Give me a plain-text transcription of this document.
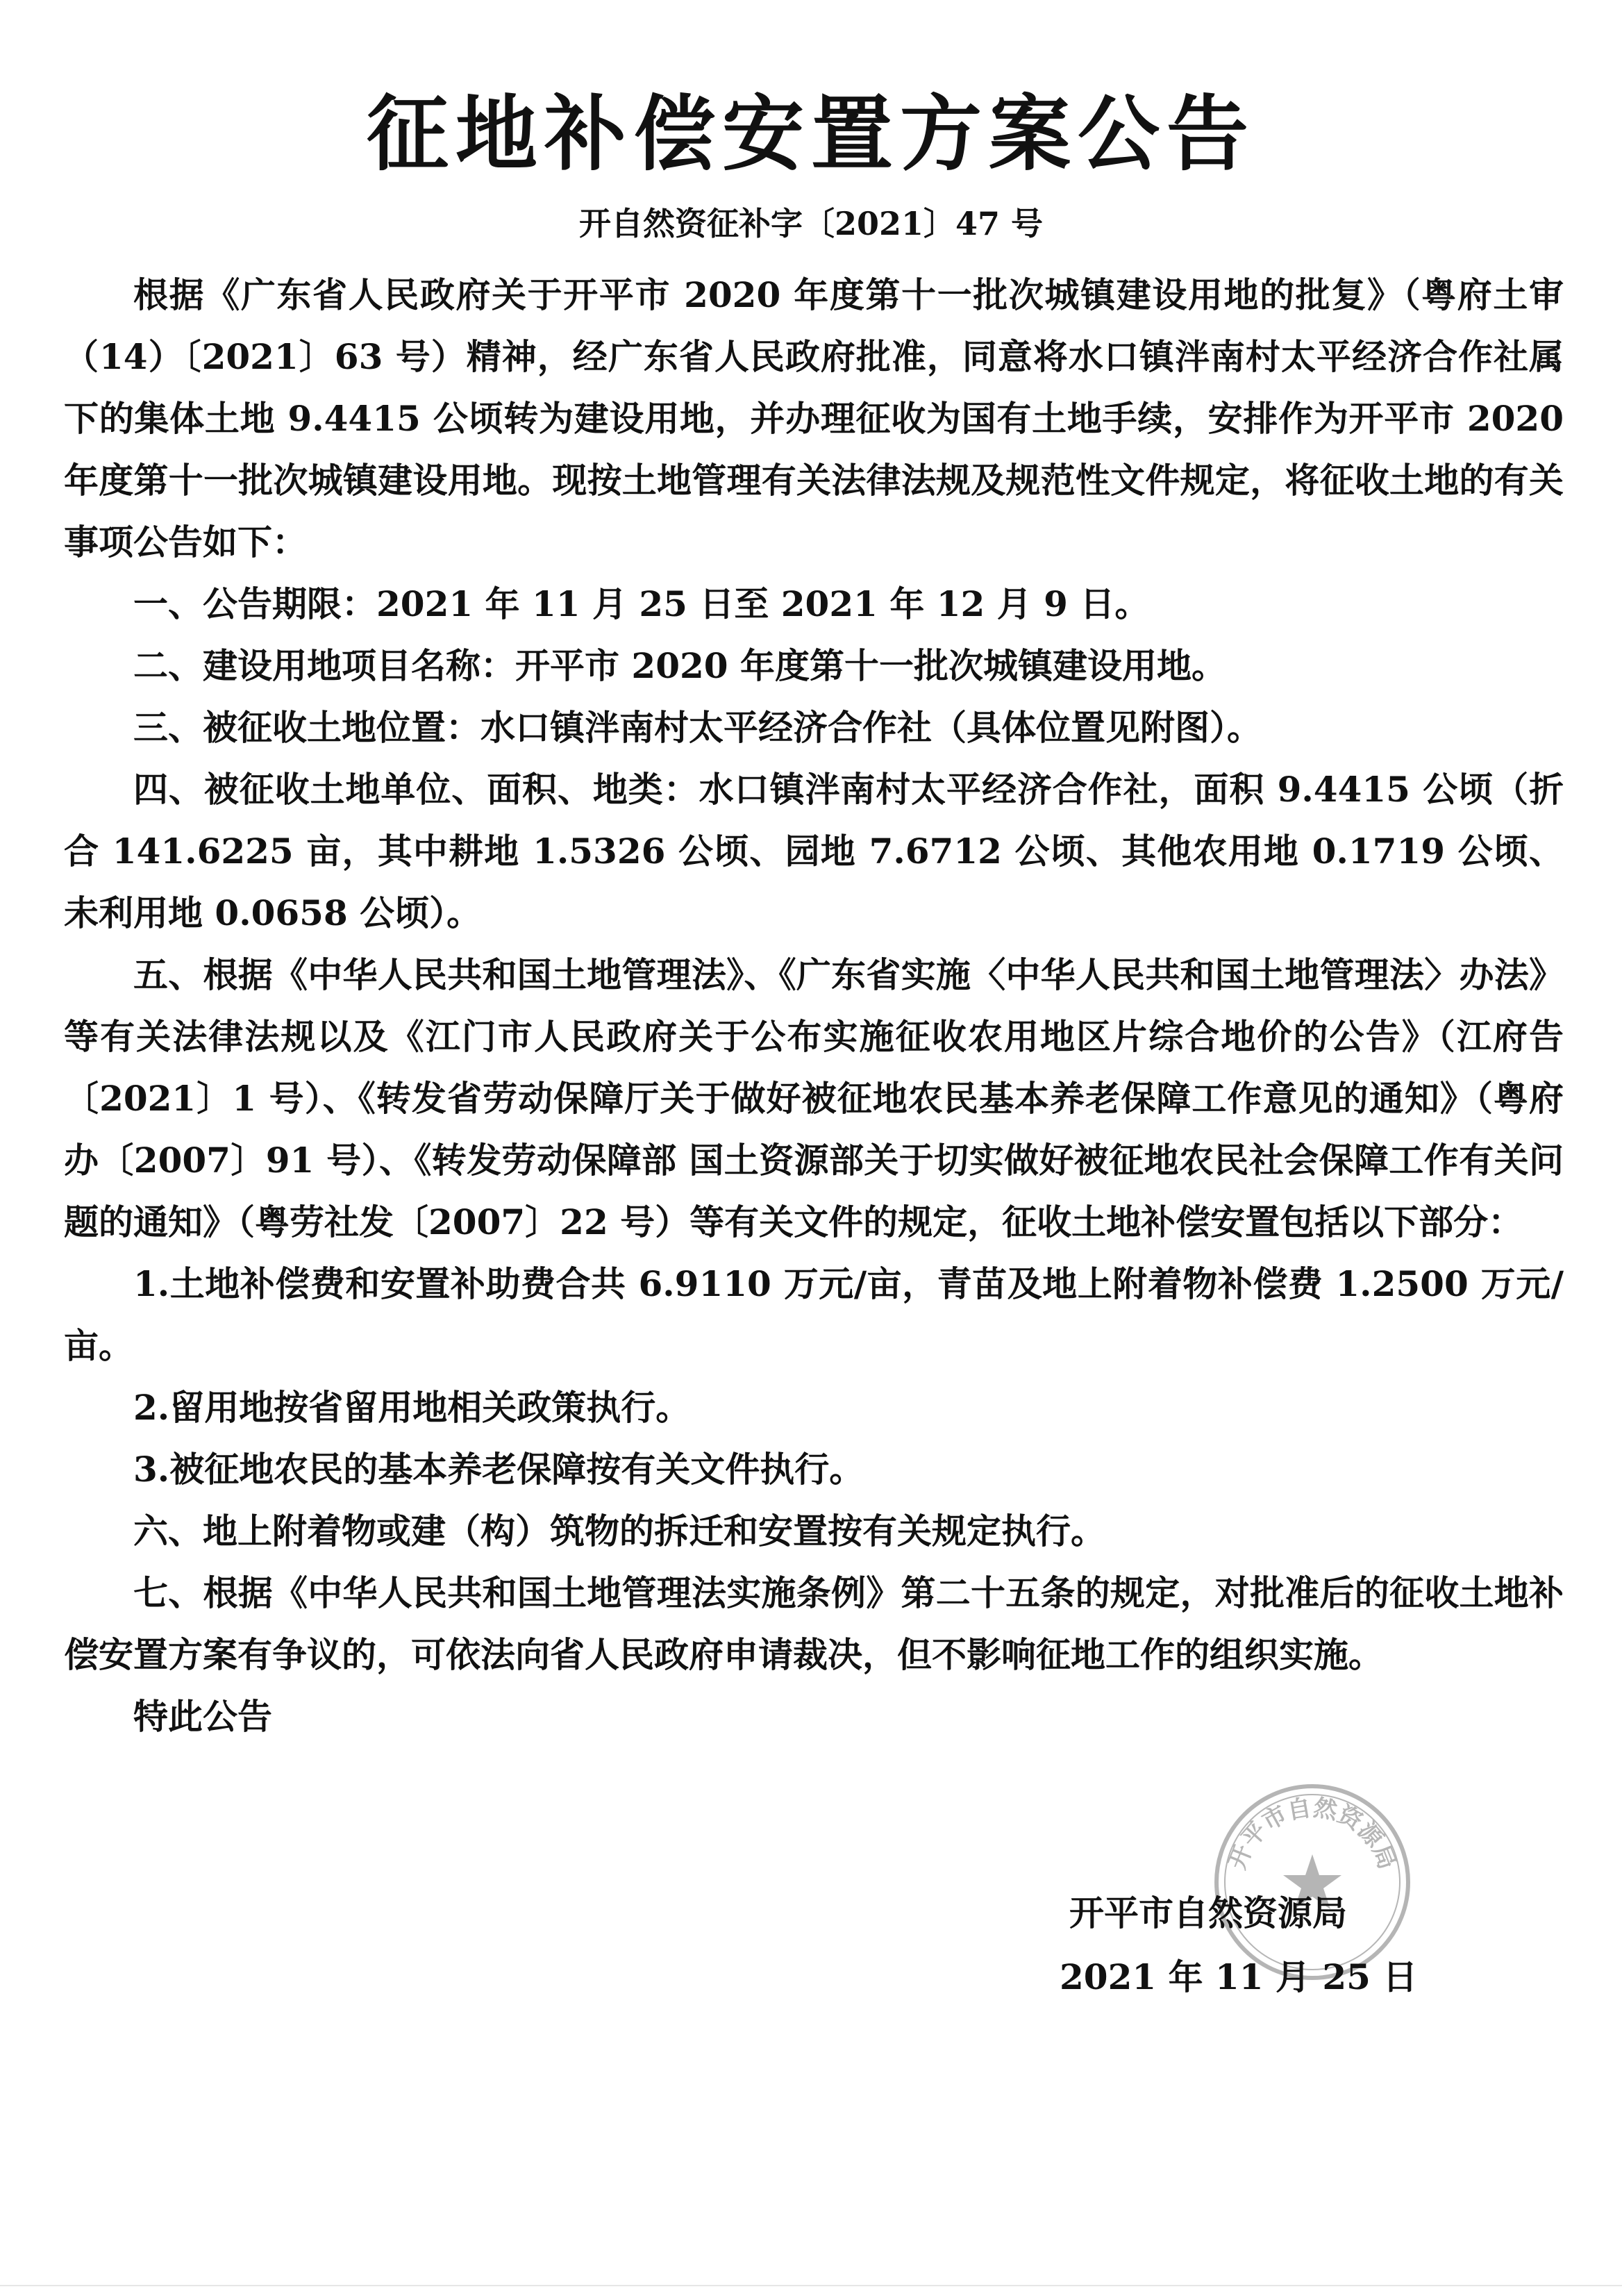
征地补偿安置方案公告
开自然资征补字〔2021〕47 号

根据《广东省人民政府关于开平市 2020 年度第十一批次城镇建设用地的批复》（粤府土审（14）〔2021〕63 号）精神，经广东省人民政府批准，同意将水口镇泮南村太平经济合作社属下的集体土地 9.4415 公顷转为建设用地，并办理征收为国有土地手续，安排作为开平市 2020 年度第十一批次城镇建设用地。现按土地管理有关法律法规及规范性文件规定，将征收土地的有关事项公告如下：

一、公告期限：2021 年 11 月 25 日至 2021 年 12 月 9 日。

二、建设用地项目名称：开平市 2020 年度第十一批次城镇建设用地。

三、被征收土地位置：水口镇泮南村太平经济合作社（具体位置见附图）。

四、被征收土地单位、面积、地类：水口镇泮南村太平经济合作社，面积 9.4415 公顷（折合 141.6225 亩，其中耕地 1.5326 公顷、园地 7.6712 公顷、其他农用地 0.1719 公顷、未利用地 0.0658 公顷）。

五、根据《中华人民共和国土地管理法》、《广东省实施〈中华人民共和国土地管理法〉办法》等有关法律法规以及《江门市人民政府关于公布实施征收农用地区片综合地价的公告》（江府告〔2021〕1 号）、《转发省劳动保障厅关于做好被征地农民基本养老保障工作意见的通知》（粤府办〔2007〕91 号）、《转发劳动保障部 国土资源部关于切实做好被征地农民社会保障工作有关问题的通知》（粤劳社发〔2007〕22 号）等有关文件的规定，征收土地补偿安置包括以下部分：

1.土地补偿费和安置补助费合共 6.9110 万元/亩，青苗及地上附着物补偿费 1.2500 万元/亩。

2.留用地按省留用地相关政策执行。

3.被征地农民的基本养老保障按有关文件执行。

六、地上附着物或建（构）筑物的拆迁和安置按有关规定执行。

七、根据《中华人民共和国土地管理法实施条例》第二十五条的规定，对批准后的征收土地补偿安置方案有争议的，可依法向省人民政府申请裁决，但不影响征地工作的组织实施。

特此公告

开平市自然资源局
开平市自然资源局
2021 年 11 月 25 日
